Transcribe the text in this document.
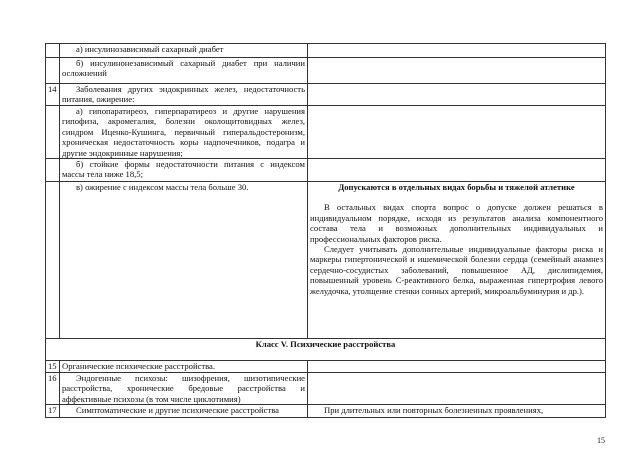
	а) инсулинозависимый сахарный диабет	

	б) инсулинонезависимый сахарный диабет при наличии осложнений	

14	Заболевания других эндокринных желез, недостаточность питания, ожирение:	

	а) гипопаратиреоз, гиперпаратиреоз и другие нарушения гипофиза, акромегалия, болезни околощитовидных желез, синдром Иценко-Кушинга, первичный гиперальдостеронизм, хроническая недостаточность коры надпочечников, подагра и другие эндокринные нарушения;	

	б) стойкие формы недостаточности питания с индексом массы тела ниже 18,5;	

	в) ожирение с индексом массы тела больше 30.	Допускаются в отдельных видах борьбы и тяжелой атлетике

В остальных видах спорта вопрос о допуске должен решаться в индивидуальном порядке, исходя из результатов анализа компонентного состава тела и возможных дополнительных индивидуальных и профессиональных факторов риска.

Следует учитывать дополнительные индивидуальные факторы риска и маркеры гипертонической и ишемической болезни сердца (семейный анамнез сердечно-сосудистых заболеваний, повышенное АД, дислипидемия, повышенный уровень С-реактивного белка, выраженная гипертрофия левого желудочка, утолщение стенки сонных артерий, микроальбуминурия и др.).

Класс V. Психические расстройства		
15	Органические психические расстройства.	

16	Эндогенные психозы: шизофрения, шизотипические расстройства, хронические бредовые расстройства и аффективные психозы (в том числе циклотимия)	

17	Симптоматические и другие психические расстройства	При длительных или повторных болезненных проявлениях,

15
